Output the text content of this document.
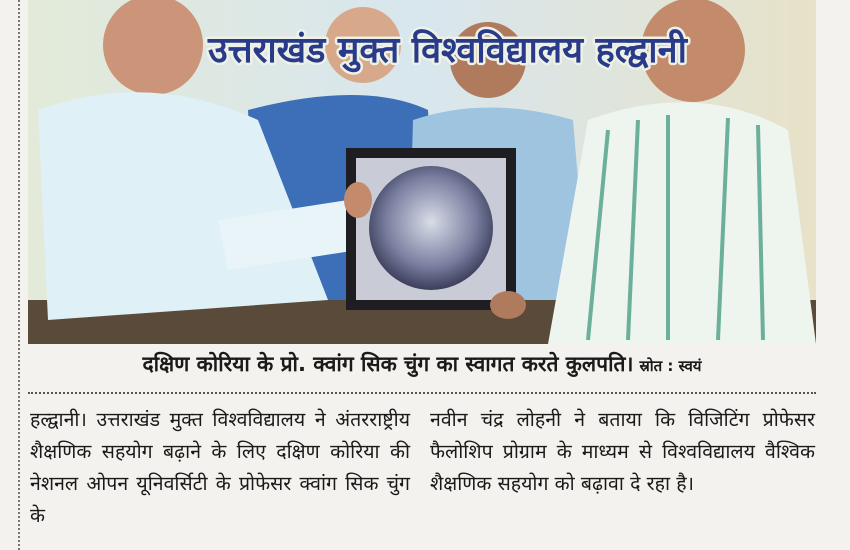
उत्तराखंड मुक्त विश्वविद्यालय हल्द्वानी
दक्षिण कोरिया के प्रो. क्वांग सिक चुंग का स्वागत करते कुलपति। स्रोत : स्वयं

हल्द्वानी। उत्तराखंड मुक्त विश्वविद्यालय ने अंतरराष्ट्रीय शैक्षणिक सहयोग बढ़ाने के लिए दक्षिण कोरिया की नेशनल ओपन यूनिवर्सिटी के प्रोफेसर क्वांग सिक चुंग के

नवीन चंद्र लोहनी ने बताया कि विजिटिंग प्रोफेसर फैलोशिप प्रोग्राम के माध्यम से विश्वविद्यालय वैश्विक शैक्षणिक सहयोग को बढ़ावा दे रहा है।
